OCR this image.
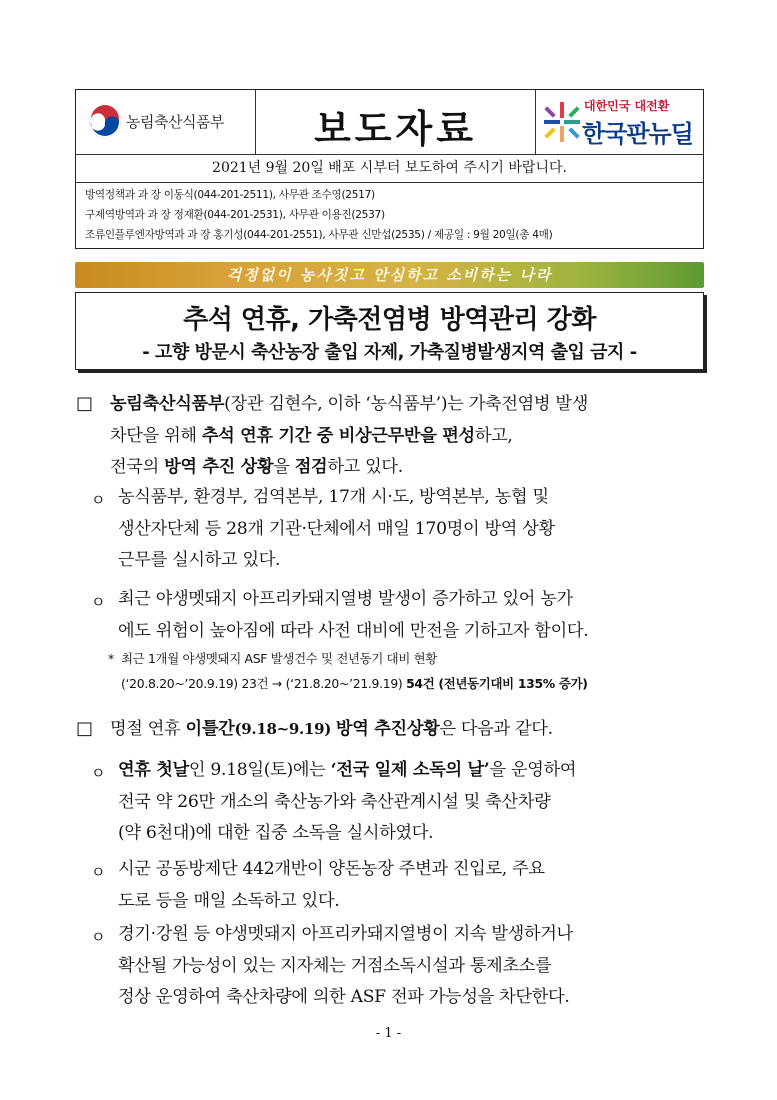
농림축산식품부	보도자료
대한민국 대전환
한국판뉴딜
2021년 9월 20일 배포 시부터 보도하여 주시기 바랍니다.
방역정책과 과 장 이동식(044-201-2511), 사무관 조수영(2517)
구제역방역과 과 장 정재환(044-201-2531), 사무관 이용진(2537)
조류인플루엔자방역과 과 장 홍기성(044-201-2551), 사무관 신만섭(2535) / 제공일 : 9월 20일(총 4매)
걱정없이 농사짓고 안심하고 소비하는 나라
추석 연휴, 가축전염병 방역관리 강화
- 고향 방문시 축산농장 출입 자제, 가축질병발생지역 출입 금지 -
□ 농림축산식품부(장관 김현수, 이하 ‘농식품부’)는 가축전염병 발생
차단을 위해 추석 연휴 기간 중 비상근무반을 편성하고,
전국의 방역 추진 상황을 점검하고 있다.
ㅇ 농식품부, 환경부, 검역본부, 17개 시·도, 방역본부, 농협 및
생산자단체 등 28개 기관·단체에서 매일 170명이 방역 상황
근무를 실시하고 있다.
ㅇ 최근 야생멧돼지 아프리카돼지열병 발생이 증가하고 있어 농가
에도 위험이 높아짐에 따라 사전 대비에 만전을 기하고자 함이다.
* 최근 1개월 야생멧돼지 ASF 발생건수 및 전년동기 대비 현황
(‘20.8.20~’20.9.19) 23건 → (‘21.8.20~’21.9.19) 54건 (전년동기대비 135% 증가)
□ 명절 연휴 이틀간(9.18~9.19) 방역 추진상황은 다음과 같다.
ㅇ 연휴 첫날인 9.18일(토)에는 ‘전국 일제 소독의 날’을 운영하여
전국 약 26만 개소의 축산농가와 축산관계시설 및 축산차량
(약 6천대)에 대한 집중 소독을 실시하였다.
ㅇ 시군 공동방제단 442개반이 양돈농장 주변과 진입로, 주요
도로 등을 매일 소독하고 있다.
ㅇ 경기·강원 등 야생멧돼지 아프리카돼지열병이 지속 발생하거나
확산될 가능성이 있는 지자체는 거점소독시설과 통제초소를
정상 운영하여 축산차량에 의한 ASF 전파 가능성을 차단한다.
- 1 -
